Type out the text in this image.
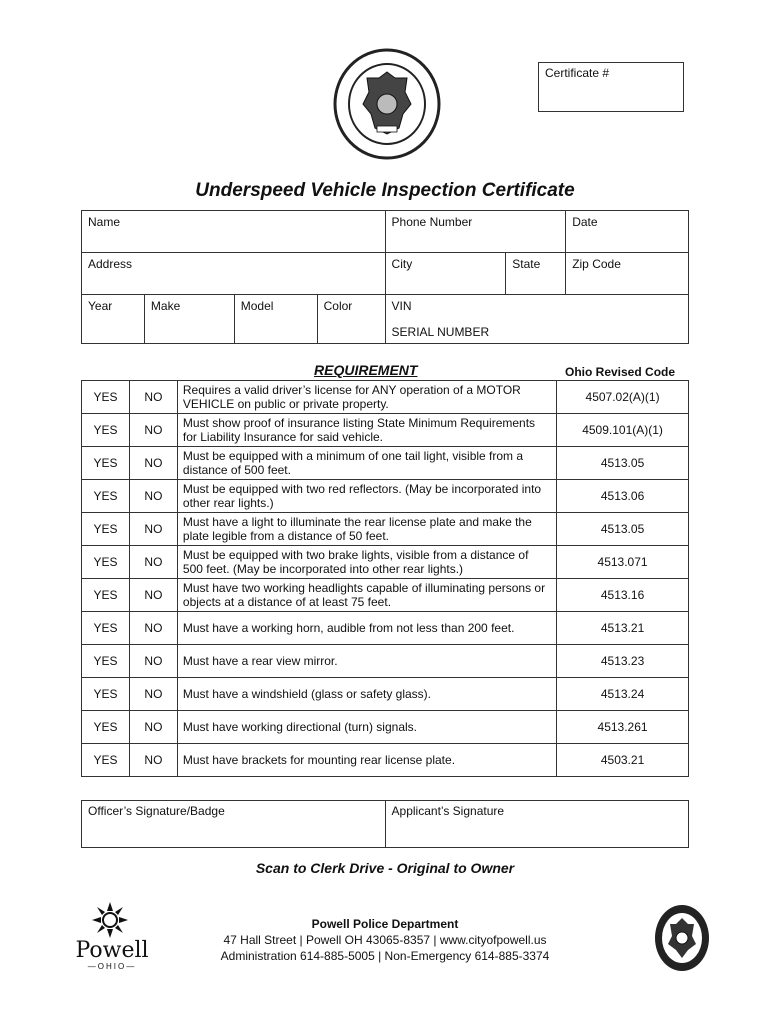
Certificate #
Underspeed Vehicle Inspection Certificate
Name				Phone Number		Date
Address				City	State	Zip Code
Year	Make	Model	Color	VIN
SERIAL NUMBER		
REQUIREMENT	Ohio Revised Code
YES	NO	Requires a valid driver’s license for ANY operation of a MOTOR VEHICLE on public or private property.	4507.02(A)(1)
YES	NO	Must show proof of insurance listing State Minimum Requirements for Liability Insurance for said vehicle.	4509.101(A)(1)
YES	NO	Must be equipped with a minimum of one tail light, visible from a distance of 500 feet.	4513.05
YES	NO	Must be equipped with two red reflectors. (May be incorporated into other rear lights.)	4513.06
YES	NO	Must have a light to illuminate the rear license plate and make the plate legible from a distance of 50 feet.	4513.05
YES	NO	Must be equipped with two brake lights, visible from a distance of 500 feet. (May be incorporated into other rear lights.)	4513.071
YES	NO	Must have two working headlights capable of illuminating persons or objects at a distance of at least 75 feet.	4513.16
YES	NO	Must have a working horn, audible from not less than 200 feet.	4513.21
YES	NO	Must have a rear view mirror.	4513.23
YES	NO	Must have a windshield (glass or safety glass).	4513.24
YES	NO	Must have working directional (turn) signals.	4513.261
YES	NO	Must have brackets for mounting rear license plate.	4503.21
Officer’s Signature/Badge	Applicant’s Signature
Scan to Clerk Drive - Original to Owner
Powell
—OHIO—
Powell Police Department
47 Hall Street | Powell OH 43065-8357 | www.cityofpowell.us
Administration 614-885-5005 | Non-Emergency 614-885-3374
